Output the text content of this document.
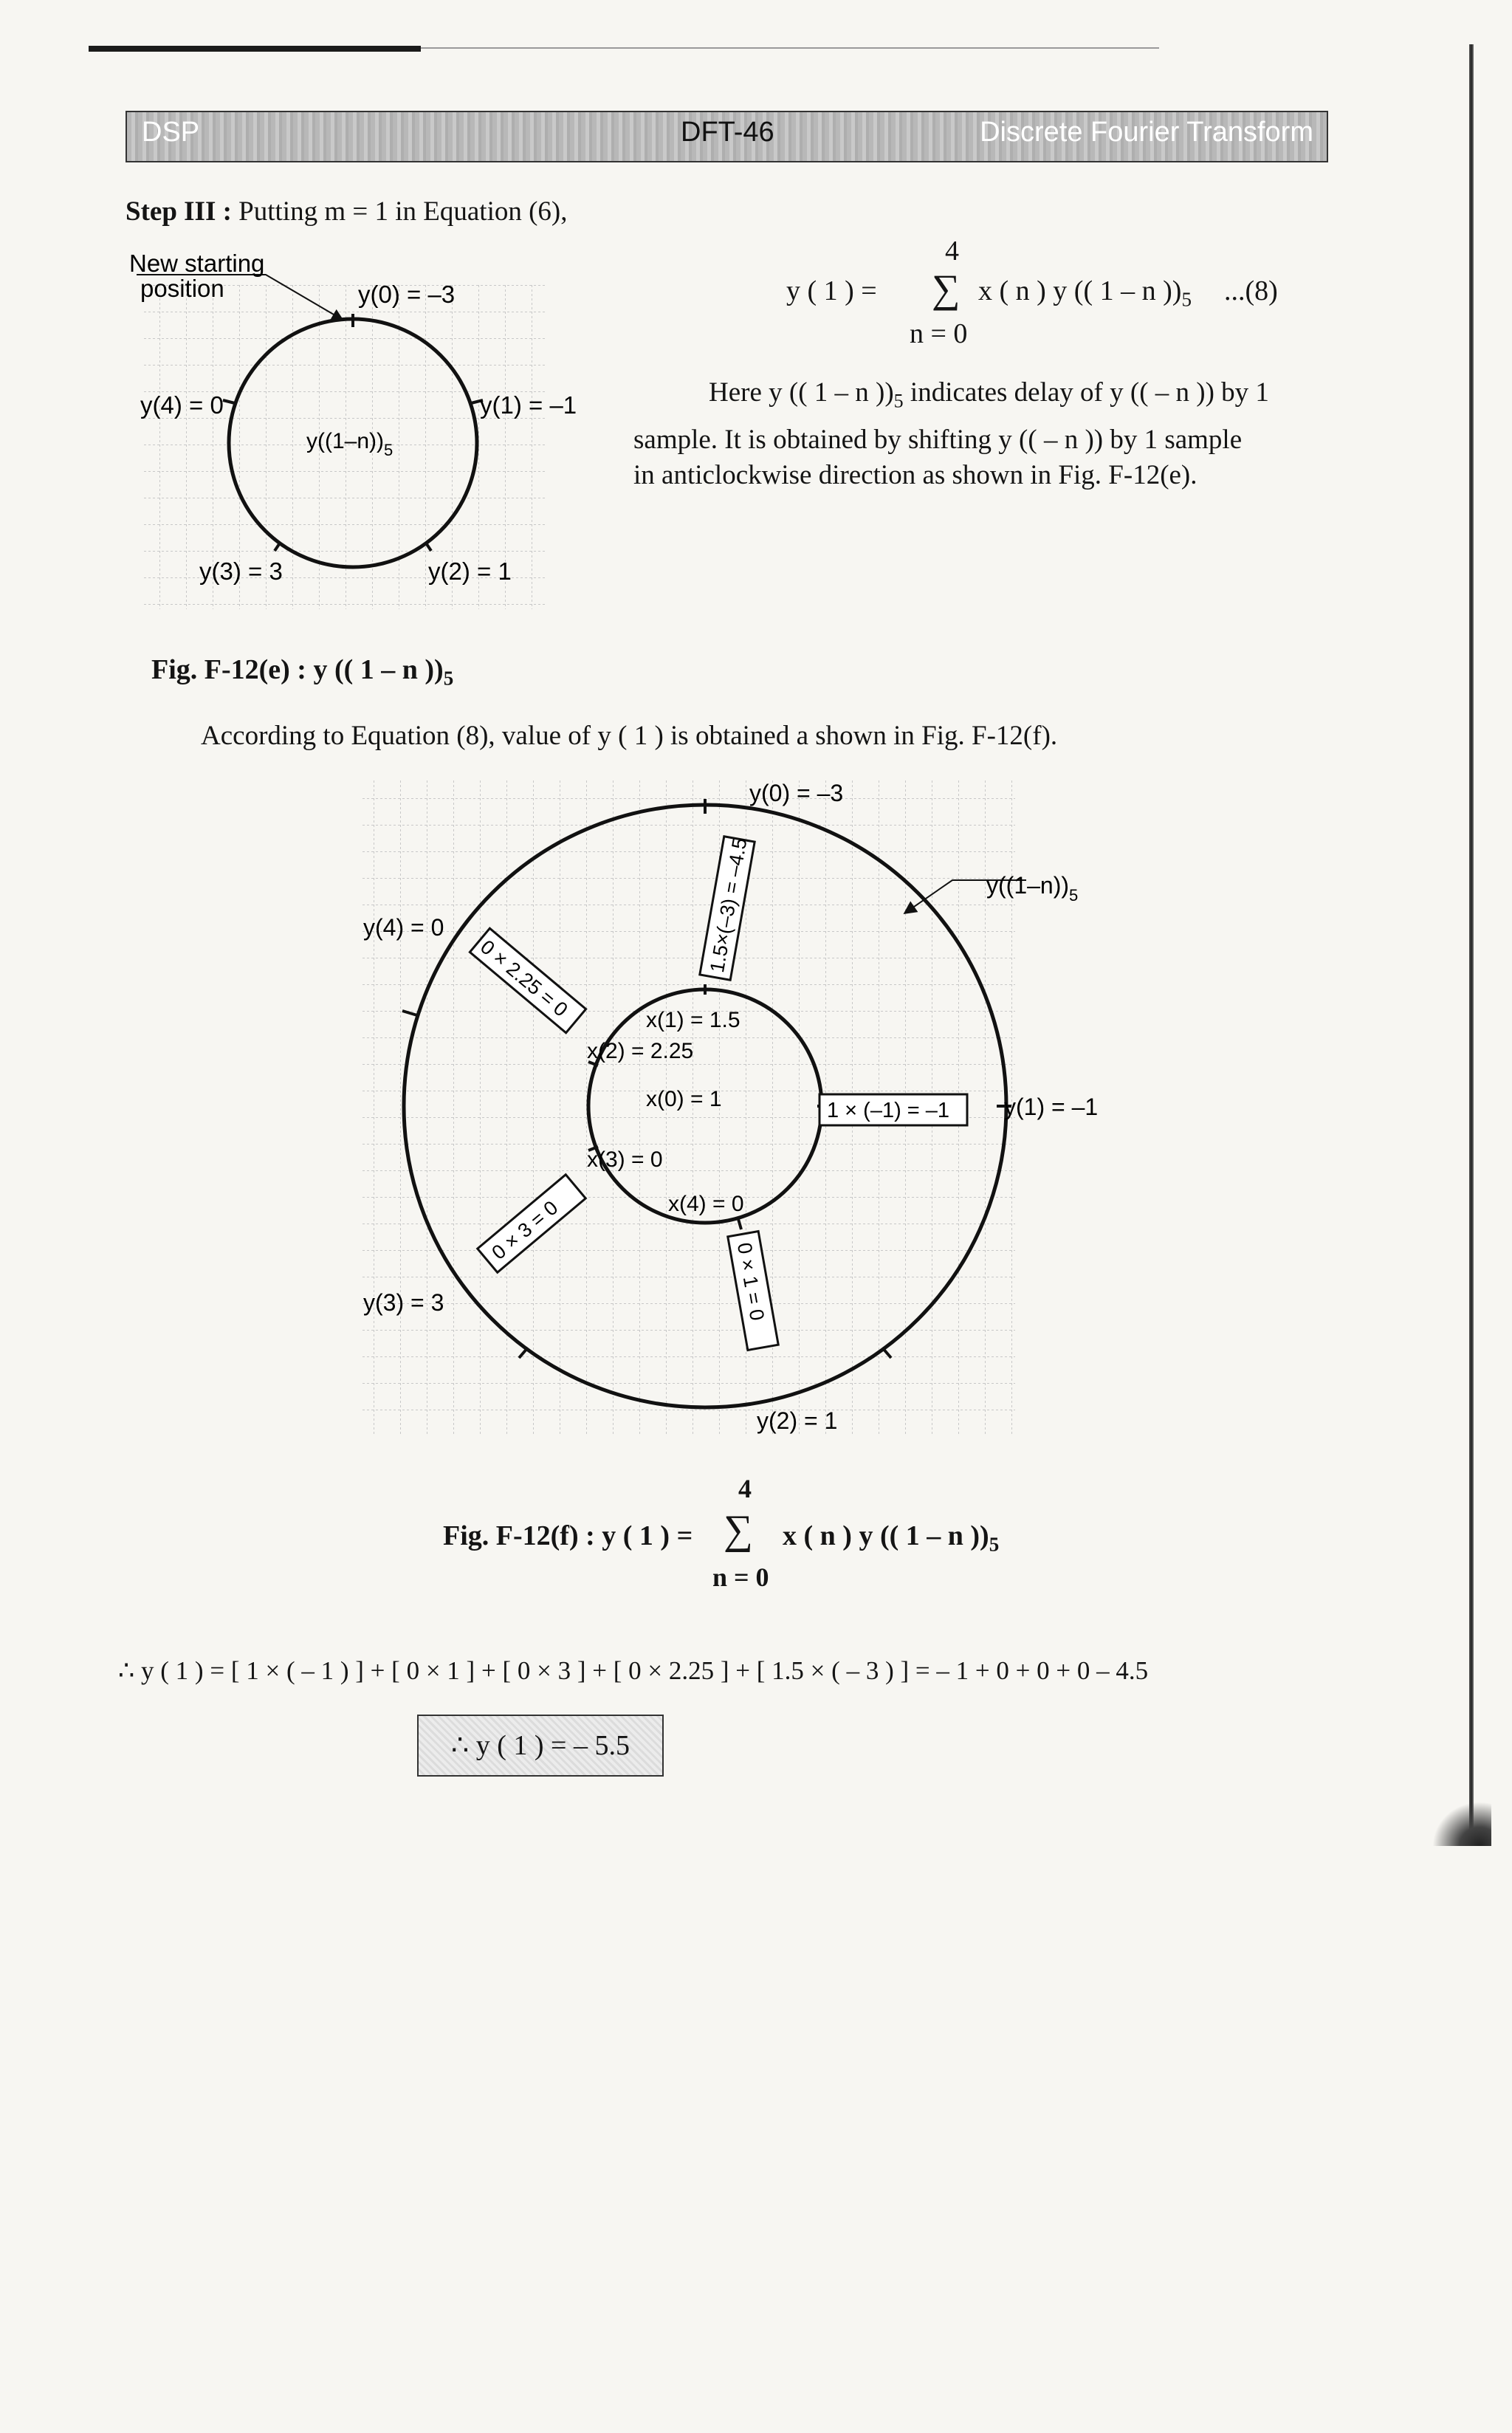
DSP	DFT-46	Discrete Fourier Transform
Step III : Putting m = 1 in Equation (6),
4
y ( 1 ) = ∑ x ( n ) y (( 1 – n ))$_5$ ...(8)
n = 0
Here y (( 1 – n ))$_5$ indicates delay of y (( – n )) by 1
sample. It is obtained by shifting y (( – n )) by 1 sample
in anticlockwise direction as shown in Fig. F-12(e).
New starting
position	y(0) = –3
y(1) = –1
y(2) = 1
y(3) = 3
y(4) = 0
$y((1-n))_5$
Fig. F-12(e) : y (( 1 – n ))$_5$
According to Equation (8), value of y ( 1 ) is obtained a shown in Fig. F-12(f).
y(0) = –3
y(1) = –1
y(2) = 1
y(3) = 3
y(4) = 0
$y((1-n))_5$
x(0) = 1
x(1) = 1.5
x(2) = 2.25
x(3) = 0
x(4) = 0
1 × (–1) = –1
1.5×(–3) = –4.5
0 × 2.25 = 0
0 × 3 = 0
0 × 1 = 0
4
Fig. F-12(f) : y ( 1 ) = ∑ x ( n ) y (( 1 – n ))$_5$
n = 0
∴ y ( 1 ) = [ 1 × ( – 1 ) ] + [ 0 × 1 ] + [ 0 × 3 ] + [ 0 × 2.25 ] + [ 1.5 × ( – 3 ) ] = – 1 + 0 + 0 + 0 – 4.5
∴ y ( 1 ) = – 5.5
